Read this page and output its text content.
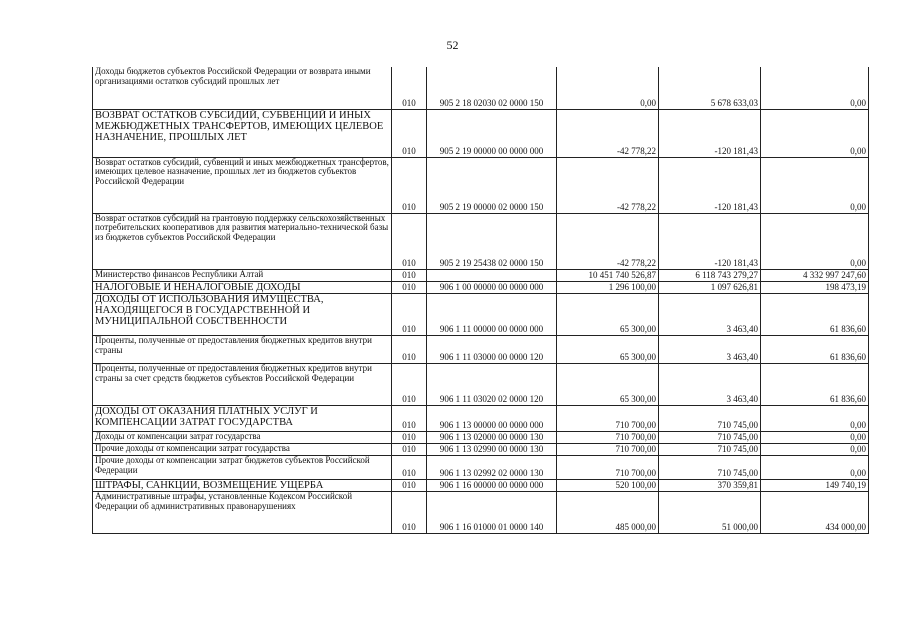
52
Доходы бюджетов субъектов Российской Федерации от возврата иными организациями остатков субсидий прошлых лет	010	905 2 18 02030 02 0000 150	0,00	5 678 633,03	0,00
ВОЗВРАТ ОСТАТКОВ СУБСИДИЙ, СУБВЕНЦИЙ И ИНЫХ МЕЖБЮДЖЕТНЫХ ТРАНСФЕРТОВ, ИМЕЮЩИХ ЦЕЛЕВОЕ НАЗНАЧЕНИЕ, ПРОШЛЫХ ЛЕТ	010	905 2 19 00000 00 0000 000	-42 778,22	-120 181,43	0,00
Возврат остатков субсидий, субвенций и иных межбюджетных трансфертов, имеющих целевое назначение, прошлых лет из бюджетов субъектов Российской Федерации	010	905 2 19 00000 02 0000 150	-42 778,22	-120 181,43	0,00
Возврат остатков субсидий на грантовую поддержку сельскохозяйственных потребительских кооперативов для развития материально-технической базы из бюджетов субъектов Российской Федерации	010	905 2 19 25438 02 0000 150	-42 778,22	-120 181,43	0,00
Министерство финансов Республики Алтай	010		10 451 740 526,87	6 118 743 279,27	4 332 997 247,60
НАЛОГОВЫЕ И НЕНАЛОГОВЫЕ ДОХОДЫ	010	906 1 00 00000 00 0000 000	1 296 100,00	1 097 626,81	198 473,19
ДОХОДЫ ОТ ИСПОЛЬЗОВАНИЯ ИМУЩЕСТВА, НАХОДЯЩЕГОСЯ В ГОСУДАРСТВЕННОЙ И МУНИЦИПАЛЬНОЙ СОБСТВЕННОСТИ	010	906 1 11 00000 00 0000 000	65 300,00	3 463,40	61 836,60
Проценты, полученные от предоставления бюджетных кредитов внутри страны	010	906 1 11 03000 00 0000 120	65 300,00	3 463,40	61 836,60
Проценты, полученные от предоставления бюджетных кредитов внутри страны за счет средств бюджетов субъектов Российской Федерации	010	906 1 11 03020 02 0000 120	65 300,00	3 463,40	61 836,60
ДОХОДЫ ОТ ОКАЗАНИЯ ПЛАТНЫХ УСЛУГ И КОМПЕНСАЦИИ ЗАТРАТ ГОСУДАРСТВА	010	906 1 13 00000 00 0000 000	710 700,00	710 745,00	0,00
Доходы от компенсации затрат государства	010	906 1 13 02000 00 0000 130	710 700,00	710 745,00	0,00
Прочие доходы от компенсации затрат государства	010	906 1 13 02990 00 0000 130	710 700,00	710 745,00	0,00
Прочие доходы от компенсации затрат бюджетов субъектов Российской Федерации	010	906 1 13 02992 02 0000 130	710 700,00	710 745,00	0,00
ШТРАФЫ, САНКЦИИ, ВОЗМЕЩЕНИЕ УЩЕРБА	010	906 1 16 00000 00 0000 000	520 100,00	370 359,81	149 740,19
Административные штрафы, установленные Кодексом Российской Федерации об административных правонарушениях	010	906 1 16 01000 01 0000 140	485 000,00	51 000,00	434 000,00
